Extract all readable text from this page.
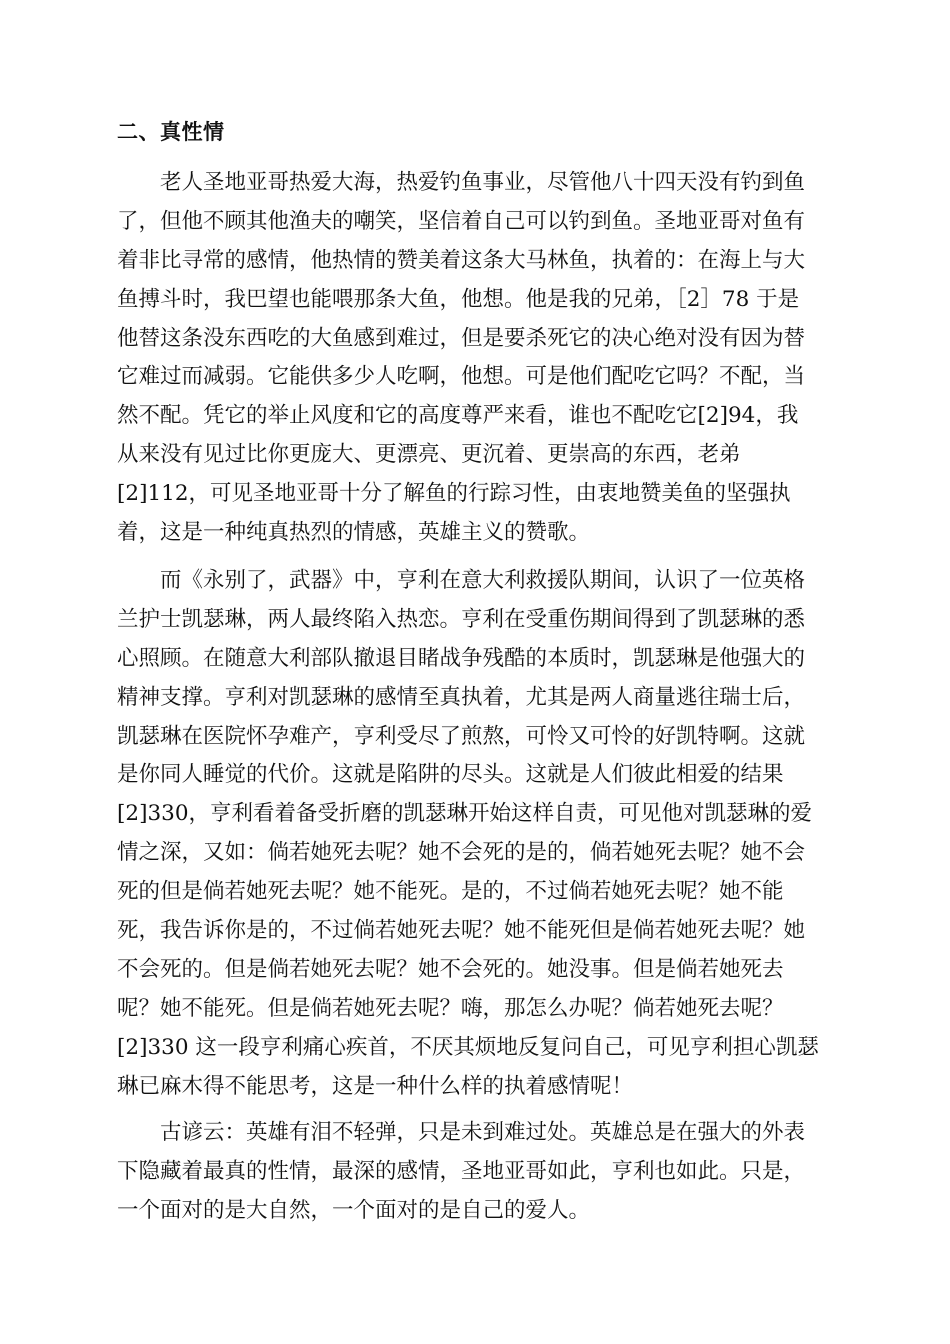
二、真性情
　　老人圣地亚哥热爱大海，热爱钓鱼事业，尽管他八十四天没有钓到鱼
了，但他不顾其他渔夫的嘲笑，坚信着自己可以钓到鱼。圣地亚哥对鱼有
着非比寻常的感情，他热情的赞美着这条大马林鱼，执着的：在海上与大
鱼搏斗时，我巴望也能喂那条大鱼，他想。他是我的兄弟，［2］78 于是
他替这条没东西吃的大鱼感到难过，但是要杀死它的决心绝对没有因为替
它难过而减弱。它能供多少人吃啊，他想。可是他们配吃它吗？不配，当
然不配。凭它的举止风度和它的高度尊严来看，谁也不配吃它[2]94，我
从来没有见过比你更庞大、更漂亮、更沉着、更崇高的东西，老弟
[2]112，可见圣地亚哥十分了解鱼的行踪习性，由衷地赞美鱼的坚强执
着，这是一种纯真热烈的情感，英雄主义的赞歌。
　　而《永别了，武器》中，亨利在意大利救援队期间，认识了一位英格
兰护士凯瑟琳，两人最终陷入热恋。亨利在受重伤期间得到了凯瑟琳的悉
心照顾。在随意大利部队撤退目睹战争残酷的本质时，凯瑟琳是他强大的
精神支撑。亨利对凯瑟琳的感情至真执着，尤其是两人商量逃往瑞士后，
凯瑟琳在医院怀孕难产，亨利受尽了煎熬，可怜又可怜的好凯特啊。这就
是你同人睡觉的代价。这就是陷阱的尽头。这就是人们彼此相爱的结果
[2]330，亨利看着备受折磨的凯瑟琳开始这样自责，可见他对凯瑟琳的爱
情之深，又如：倘若她死去呢？她不会死的是的，倘若她死去呢？她不会
死的但是倘若她死去呢？她不能死。是的，不过倘若她死去呢？她不能
死，我告诉你是的，不过倘若她死去呢？她不能死但是倘若她死去呢？她
不会死的。但是倘若她死去呢？她不会死的。她没事。但是倘若她死去
呢？她不能死。但是倘若她死去呢？嗨，那怎么办呢？倘若她死去呢？
[2]330 这一段亨利痛心疾首，不厌其烦地反复问自己，可见亨利担心凯瑟
琳已麻木得不能思考，这是一种什么样的执着感情呢！
　　古谚云：英雄有泪不轻弹，只是未到难过处。英雄总是在强大的外表
下隐藏着最真的性情，最深的感情，圣地亚哥如此，亨利也如此。只是，
一个面对的是大自然，一个面对的是自己的爱人。
